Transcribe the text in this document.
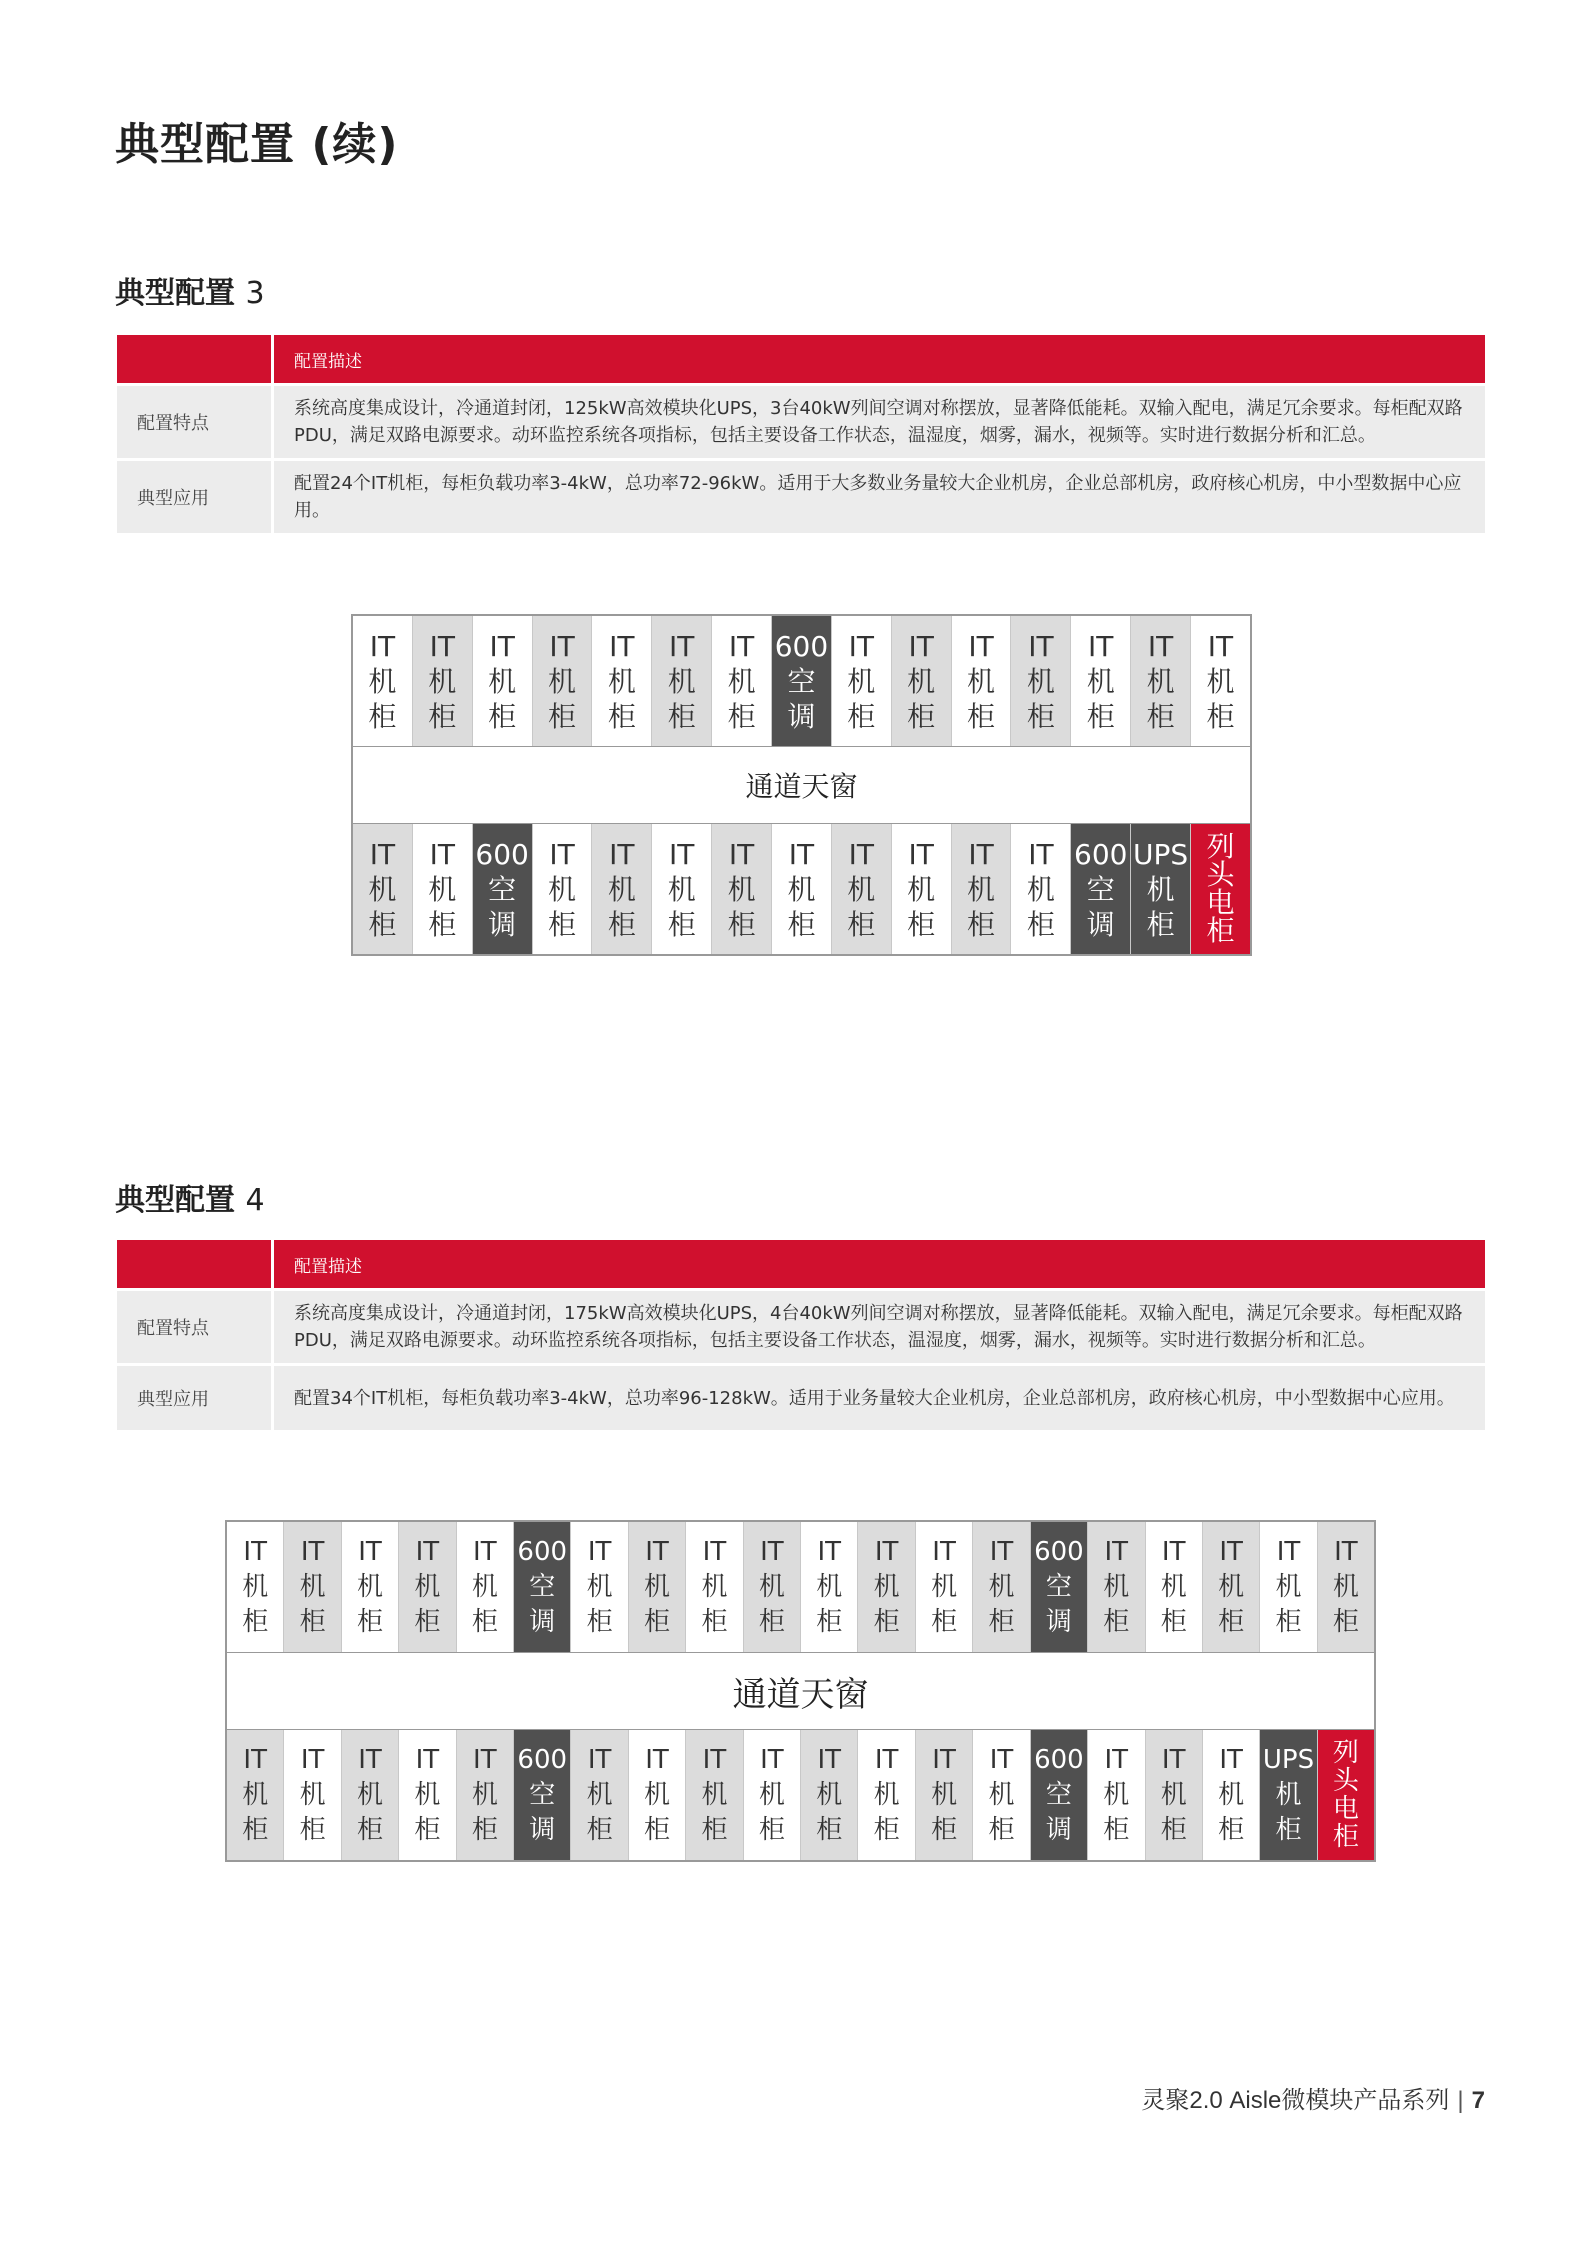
典型配置 (续)
典型配置 3
	配置描述
配置特点	系统高度集成设计，冷通道封闭，125kW高效模块化UPS，3台40kW列间空调对称摆放，显著降低能耗。双输入配电，满足冗余要求。每柜配双路PDU，满足双路电源要求。动环监控系统各项指标，包括主要设备工作状态，温湿度，烟雾，漏水，视频等。实时进行数据分析和汇总。
典型应用	配置24个IT机柜，每柜负载功率3-4kW，总功率72-96kW。适用于大多数业务量较大企业机房，企业总部机房，政府核心机房，中小型数据中心应用。
IT
机
柜
IT
机
柜
IT
机
柜
IT
机
柜
IT
机
柜
IT
机
柜
IT
机
柜
600
空
调
IT
机
柜
IT
机
柜
IT
机
柜
IT
机
柜
IT
机
柜
IT
机
柜
IT
机
柜
通道天窗
IT
机
柜
IT
机
柜
600
空
调
IT
机
柜
IT
机
柜
IT
机
柜
IT
机
柜
IT
机
柜
IT
机
柜
IT
机
柜
IT
机
柜
IT
机
柜
600
空
调
UPS
机
柜
列
头
电
柜
典型配置 4
	配置描述
配置特点	系统高度集成设计，冷通道封闭，175kW高效模块化UPS，4台40kW列间空调对称摆放，显著降低能耗。双输入配电，满足冗余要求。每柜配双路PDU，满足双路电源要求。动环监控系统各项指标，包括主要设备工作状态，温湿度，烟雾，漏水，视频等。实时进行数据分析和汇总。
典型应用	配置34个IT机柜，每柜负载功率3-4kW，总功率96-128kW。适用于业务量较大企业机房，企业总部机房，政府核心机房，中小型数据中心应用。
IT
机
柜
IT
机
柜
IT
机
柜
IT
机
柜
IT
机
柜
600
空
调
IT
机
柜
IT
机
柜
IT
机
柜
IT
机
柜
IT
机
柜
IT
机
柜
IT
机
柜
IT
机
柜
600
空
调
IT
机
柜
IT
机
柜
IT
机
柜
IT
机
柜
IT
机
柜
通道天窗
IT
机
柜
IT
机
柜
IT
机
柜
IT
机
柜
IT
机
柜
600
空
调
IT
机
柜
IT
机
柜
IT
机
柜
IT
机
柜
IT
机
柜
IT
机
柜
IT
机
柜
IT
机
柜
600
空
调
IT
机
柜
IT
机
柜
IT
机
柜
UPS
机
柜
列
头
电
柜
灵聚2.0 Aisle微模块产品系列 | 7
